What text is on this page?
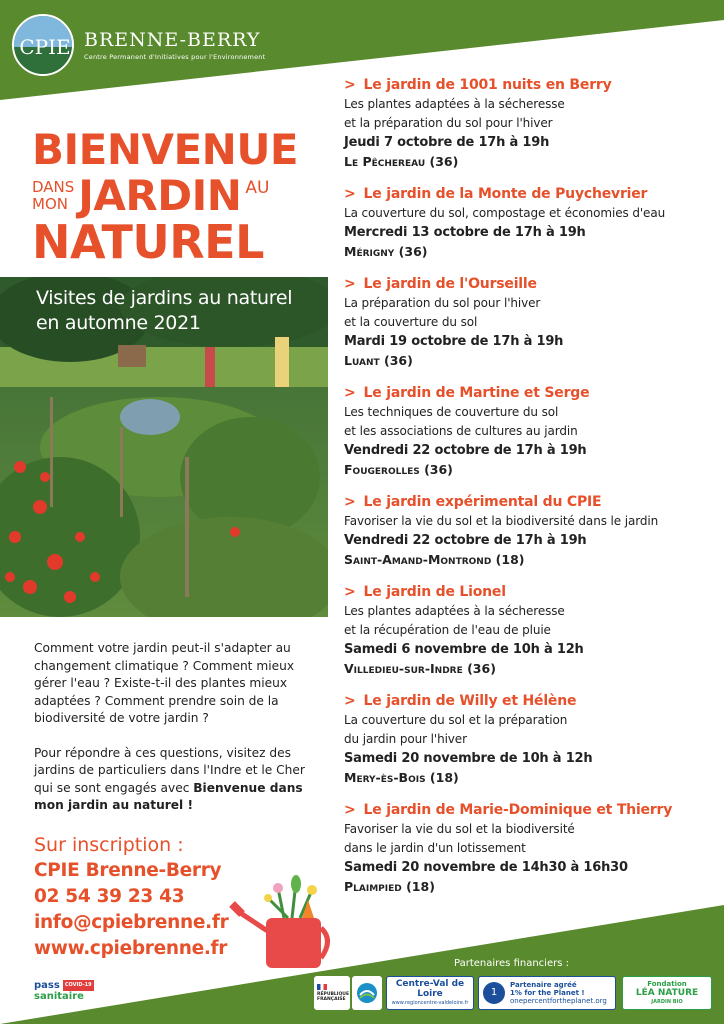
CPIE BRENNE-BERRY
Centre Permanent d'Initiatives pour l'Environnement
BIENVENUE
DANS
MON JARDIN AU
NATUREL
Visites de jardins au naturel
en automne 2021

Comment votre jardin peut-il s'adapter au changement climatique ? Comment mieux gérer l'eau ? Existe-t-il des plantes mieux adaptées ? Comment prendre soin de la biodiversité de votre jardin ?

Pour répondre à ces questions, visitez des jardins de particuliers dans l'Indre et le Cher qui se sont engagés avec Bienvenue dans mon jardin au naturel !

Sur inscription :
CPIE Brenne-Berry
02 54 39 23 43
info@cpiebrenne.fr
www.cpiebrenne.fr
> Le jardin de 1001 nuits en Berry
Les plantes adaptées à la sécheresse
et la préparation du sol pour l'hiver
Jeudi 7 octobre de 17h à 19h
Le Pêchereau (36)
> Le jardin de la Monte de Puychevrier
La couverture du sol, compostage et économies d'eau
Mercredi 13 octobre de 17h à 19h
Mérigny (36)
> Le jardin de l'Ourseille
La préparation du sol pour l'hiver
et la couverture du sol
Mardi 19 octobre de 17h à 19h
Luant (36)
> Le jardin de Martine et Serge
Les techniques de couverture du sol
et les associations de cultures au jardin
Vendredi 22 octobre de 17h à 19h
Fougerolles (36)
> Le jardin expérimental du CPIE
Favoriser la vie du sol et la biodiversité dans le jardin
Vendredi 22 octobre de 17h à 19h
Saint-Amand-Montrond (18)
> Le jardin de Lionel
Les plantes adaptées à la sécheresse
et la récupération de l'eau de pluie
Samedi 6 novembre de 10h à 12h
Villedieu-sur-Indre (36)
> Le jardin de Willy et Hélène
La couverture du sol et la préparation
du jardin pour l'hiver
Samedi 20 novembre de 10h à 12h
Mery-ès-Bois (18)
> Le jardin de Marie-Dominique et Thierry
Favoriser la vie du sol et la biodiversité
dans le jardin d'un lotissement
Samedi 20 novembre de 14h30 à 16h30
Plaimpied (18)
Partenaires financiers :
pass COVID-19
sanitaire	RÉPUBLIQUE
FRANÇAISE
Centre-Val de Loire
www.regioncentre-valdeloire.fr
1
Partenaire agréé
1% for the Planet !
onepercentfortheplanet.org
Fondation
LÉA NATURE
JARDIN BIO
